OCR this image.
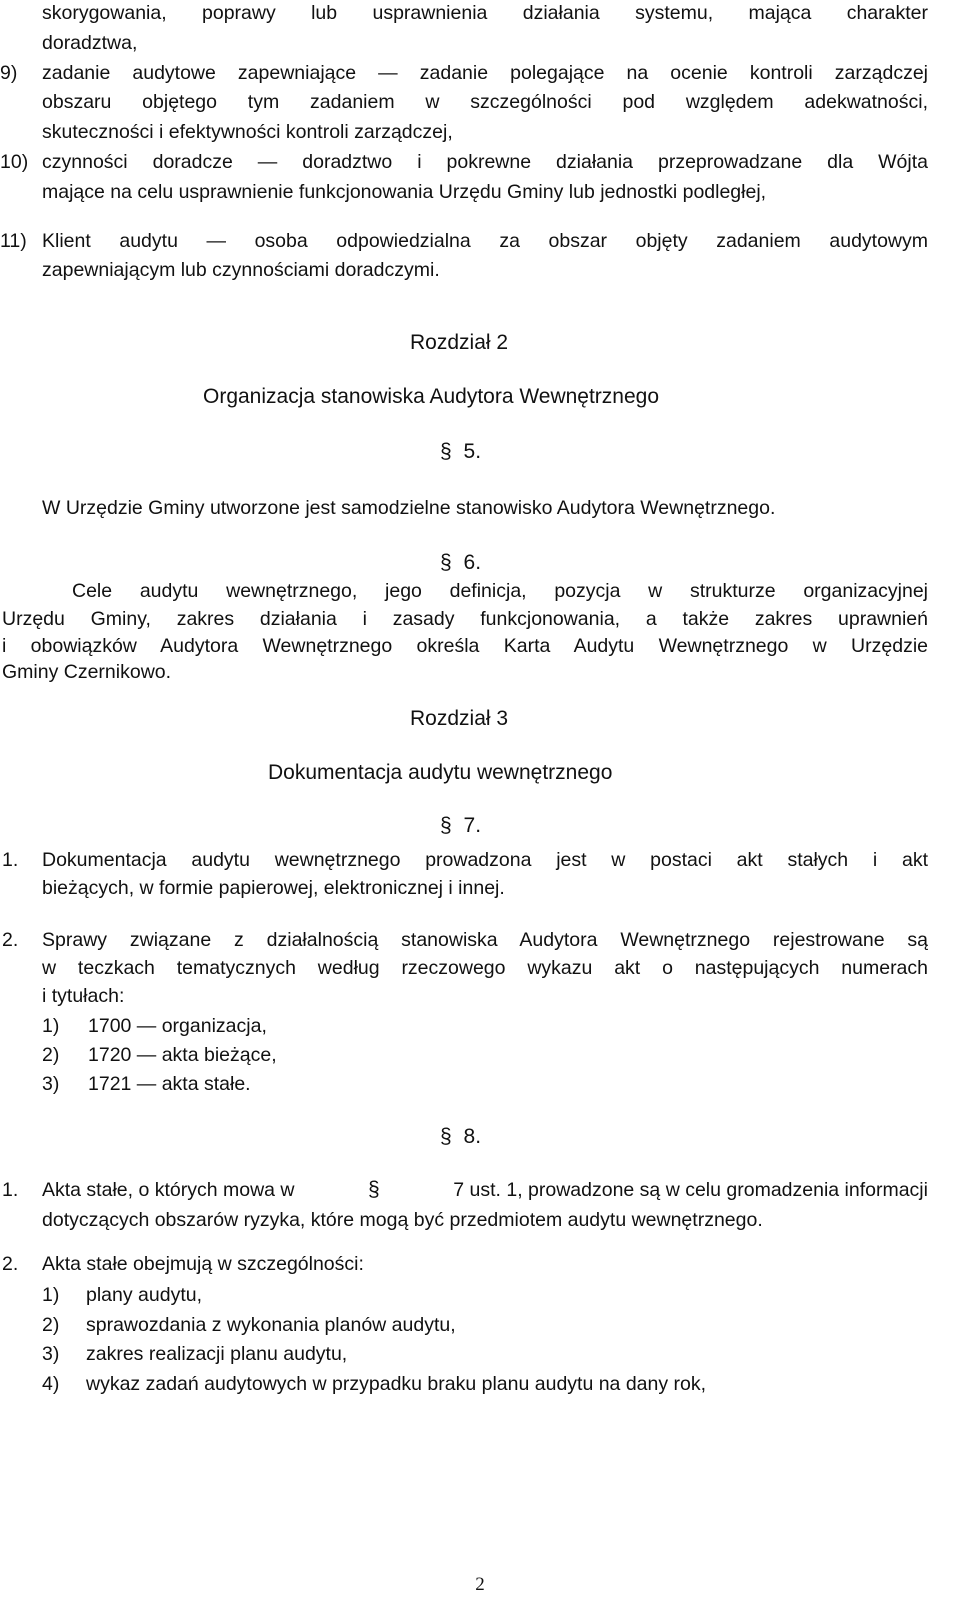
skorygowania, poprawy lub usprawnienia działania systemu, mająca charakter
doradztwa,
9) zadanie audytowe zapewniające — zadanie polegające na ocenie kontroli zarządczej
obszaru objętego tym zadaniem w szczególności pod względem adekwatności,
skuteczności i efektywności kontroli zarządczej,
10) czynności doradcze — doradztwo i pokrewne działania przeprowadzane dla Wójta
mające na celu usprawnienie funkcjonowania Urzędu Gminy lub jednostki podległej,
11) Klient audytu — osoba odpowiedzialna za obszar objęty zadaniem audytowym
zapewniającym lub czynnościami doradczymi.
Rozdział 2
Organizacja stanowiska Audytora Wewnętrznego
§ 5.
W Urzędzie Gminy utworzone jest samodzielne stanowisko Audytora Wewnętrznego.
§ 6.
Cele audytu wewnętrznego, jego definicja, pozycja w strukturze organizacyjnej
Urzędu Gminy, zakres działania i zasady funkcjonowania, a także zakres uprawnień
i obowiązków Audytora Wewnętrznego określa Karta Audytu Wewnętrznego w Urzędzie
Gminy Czernikowo.
Rozdział 3
Dokumentacja audytu wewnętrznego
§ 7.
1. Dokumentacja audytu wewnętrznego prowadzona jest w postaci akt stałych i akt
bieżących, w formie papierowej, elektronicznej i innej.
2. Sprawy związane z działalnością stanowiska Audytora Wewnętrznego rejestrowane są
w teczkach tematycznych według rzeczowego wykazu akt o następujących numerach
i tytułach:
1) 1700 — organizacja,
2) 1720 — akta bieżące,
3) 1721 — akta stałe.
§ 8.
1. Akta stałe, o których mowa w	§	7 ust. 1, prowadzone są w celu gromadzenia informacji
dotyczących obszarów ryzyka, które mogą być przedmiotem audytu wewnętrznego.
2. Akta stałe obejmują w szczególności:
1) plany audytu,
2) sprawozdania z wykonania planów audytu,
3) zakres realizacji planu audytu,
4) wykaz zadań audytowych w przypadku braku planu audytu na dany rok,
2
